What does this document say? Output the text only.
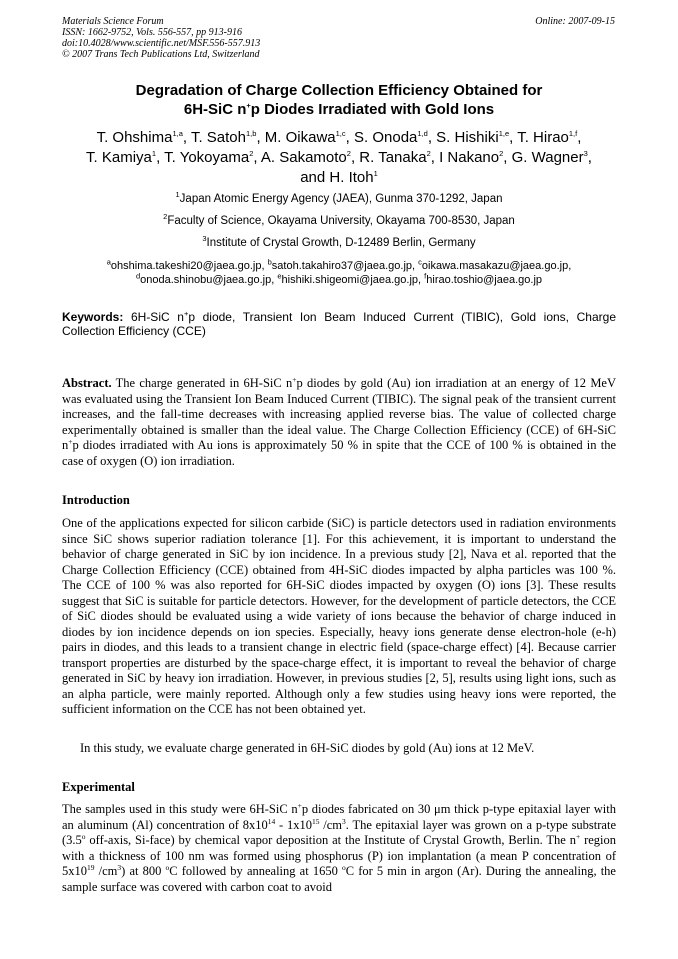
Materials Science Forum
ISSN: 1662-9752, Vols. 556-557, pp 913-916
doi:10.4028/www.scientific.net/MSF.556-557.913
© 2007 Trans Tech Publications Ltd, Switzerland
Online: 2007-09-15
Degradation of Charge Collection Efficiency Obtained for
6H-SiC n+p Diodes Irradiated with Gold Ions
T. Ohshima$^{1,a}$, T. Satoh$^{1,b}$, M. Oikawa$^{1,c}$, S. Onoda$^{1,d}$, S. Hishiki$^{1,e}$, T. Hirao$^{1,f}$,
T. Kamiya$^1$, T. Yokoyama$^2$, A. Sakamoto$^2$, R. Tanaka$^2$, I Nakano$^2$, G. Wagner$^3$,
and H. Itoh$^1$
$^1$Japan Atomic Energy Agency (JAEA), Gunma 370-1292, Japan
$^2$Faculty of Science, Okayama University, Okayama 700-8530, Japan
$^3$Institute of Crystal Growth, D-12489 Berlin, Germany
$^a$ohshima.takeshi20@jaea.go.jp, $^b$satoh.takahiro37@jaea.go.jp, $^c$oikawa.masakazu@jaea.go.jp,
$^d$onoda.shinobu@jaea.go.jp, $^e$hishiki.shigeomi@jaea.go.jp, $^f$hirao.toshio@jaea.go.jp
Keywords: 6H-SiC n+p diode, Transient Ion Beam Induced Current (TIBIC), Gold ions, Charge Collection Efficiency (CCE)
Abstract. The charge generated in 6H-SiC n+p diodes by gold (Au) ion irradiation at an energy of 12 MeV was evaluated using the Transient Ion Beam Induced Current (TIBIC). The signal peak of the transient current increases, and the fall-time decreases with increasing applied reverse bias. The value of collected charge experimentally obtained is smaller than the ideal value. The Charge Collection Efficiency (CCE) of 6H-SiC n+p diodes irradiated with Au ions is approximately 50 % in spite that the CCE of 100 % is obtained in the case of oxygen (O) ion irradiation.
Introduction
One of the applications expected for silicon carbide (SiC) is particle detectors used in radiation environments since SiC shows superior radiation tolerance [1]. For this achievement, it is important to understand the behavior of charge generated in SiC by ion incidence. In a previous study [2], Nava et al. reported that the Charge Collection Efficiency (CCE) obtained from 4H-SiC diodes impacted by alpha particles was 100 %. The CCE of 100 % was also reported for 6H-SiC diodes impacted by oxygen (O) ions [3]. These results suggest that SiC is suitable for particle detectors. However, for the development of particle detectors, the CCE of SiC diodes should be evaluated using a wide variety of ions because the behavior of charge induced in diodes by ion incidence depends on ion species. Especially, heavy ions generate dense electron-hole (e-h) pairs in diodes, and this leads to a transient change in electric field (space-charge effect) [4]. Because carrier transport properties are disturbed by the space-charge effect, it is important to reveal the behavior of charge generated in SiC by heavy ion irradiation. However, in previous studies [2, 5], results using light ions, such as an alpha particle, were mainly reported. Although only a few studies using heavy ions were reported, the sufficient information on the CCE has not been obtained yet.
In this study, we evaluate charge generated in 6H-SiC diodes by gold (Au) ions at 12 MeV.
Experimental
The samples used in this study were 6H-SiC n+p diodes fabricated on 30 μm thick p-type epitaxial layer with an aluminum (Al) concentration of $8x10^{14} - 1x10^{15}$ $/cm^3$. The epitaxial layer was grown on a p-type substrate (3.5$^o$ off-axis, Si-face) by chemical vapor deposition at the Institute of Crystal Growth, Berlin. The n+ region with a thickness of 100 nm was formed using phosphorus (P) ion implantation (a mean P concentration of $5x10^{19}$ $/cm^3$) at 800 $^o$C followed by annealing at 1650 $^o$C for 5 min in argon (Ar). During the annealing, the sample surface was covered with carbon coat to avoid
